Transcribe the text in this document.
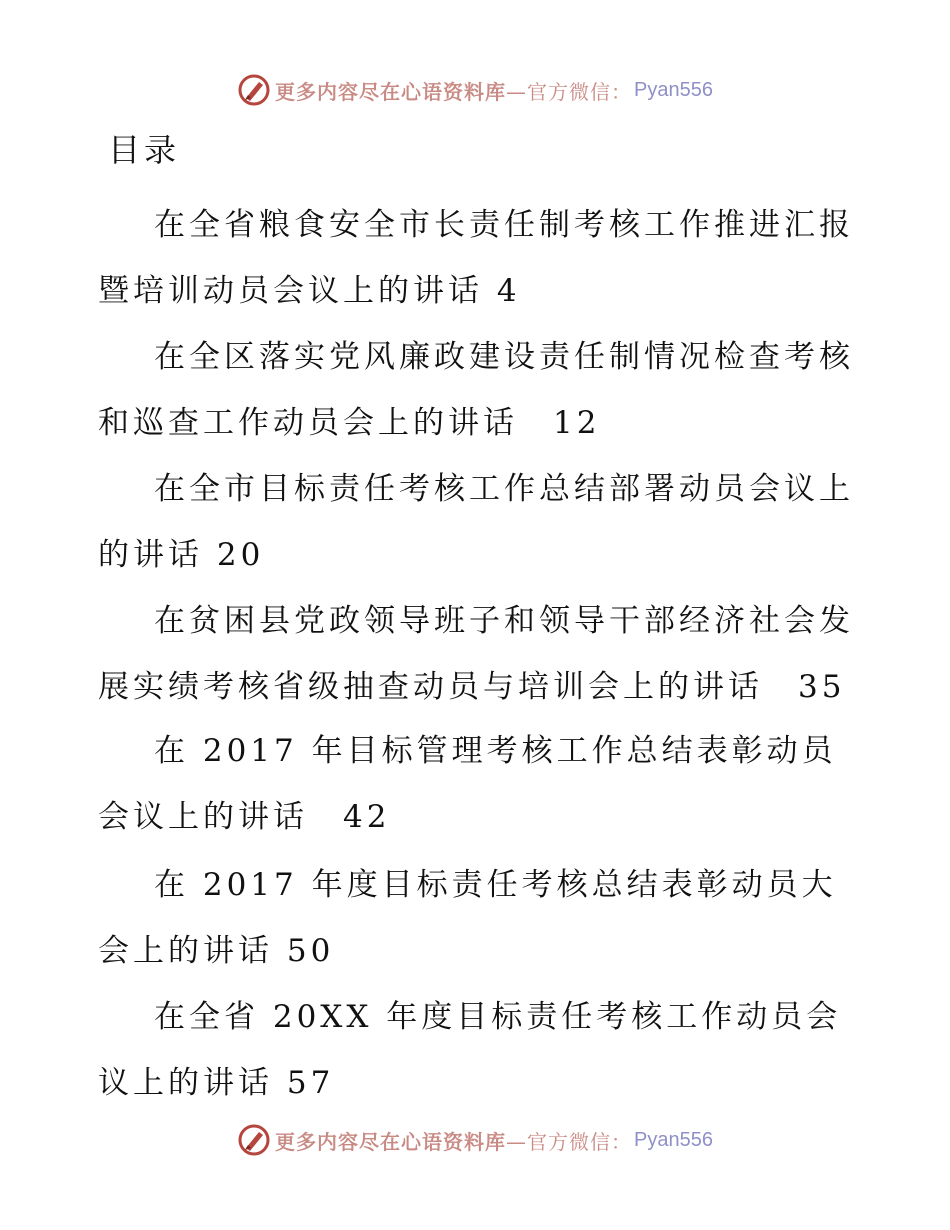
更多内容尽在心语资料库—官方微信： Pyan556
目录
在全省粮食安全市长责任制考核工作推进汇报暨培训动员会议上的讲话 4
在全区落实党风廉政建设责任制情况检查考核和巡查工作动员会上的讲话　12
在全市目标责任考核工作总结部署动员会议上的讲话 20
在贫困县党政领导班子和领导干部经济社会发展实绩考核省级抽查动员与培训会上的讲话　35
在 2017 年目标管理考核工作总结表彰动员会议上的讲话　42
在 2017 年度目标责任考核总结表彰动员大会上的讲话 50
在全省 20XX 年度目标责任考核工作动员会议上的讲话 57
更多内容尽在心语资料库—官方微信： Pyan556
